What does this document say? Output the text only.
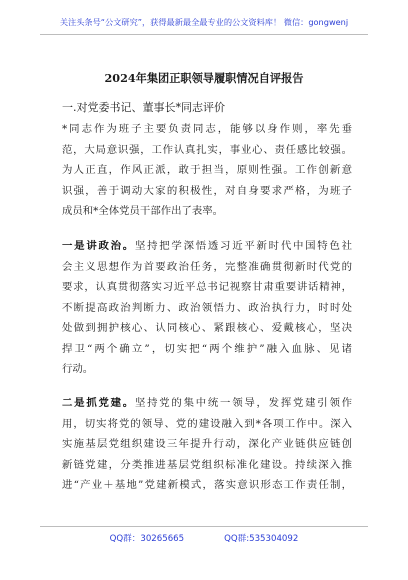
关注头条号“公文研究”，获得最新最全最专业的公文资料库！ 微信：gongwenj
2024年集团正职领导履职情况自评报告
一.对党委书记、董事长*同志评价
*同志作为班子主要负责同志，能够以身作则，率先垂
范，大局意识强，工作认真扎实，事业心、责任感比较强。
为人正直，作风正派，敢于担当，原则性强。工作创新意
识强，善于调动大家的积极性，对自身要求严格，为班子
成员和*全体党员干部作出了表率。
一是讲政治。坚持把学深悟透习近平新时代中国特色社
会主义思想作为首要政治任务，完整准确贯彻新时代党的
要求，认真贯彻落实习近平总书记视察甘肃重要讲话精神，
不断提高政治判断力、政治领悟力、政治执行力，时时处
处做到拥护核心、认同核心、紧跟核心、爱戴核心，坚决
捍卫“两个确立”，切实把“两个维护”融入血脉、见诸
行动。
二是抓党建。坚持党的集中统一领导，发挥党建引领作
用，切实将党的领导、党的建设融入到*各项工作中。深入
实施基层党组织建设三年提升行动，深化产业链供应链创
新链党建，分类推进基层党组织标准化建设。持续深入推
进“产业＋基地”党建新模式，落实意识形态工作责任制，
QQ群：30265665	QQ群:535304092
